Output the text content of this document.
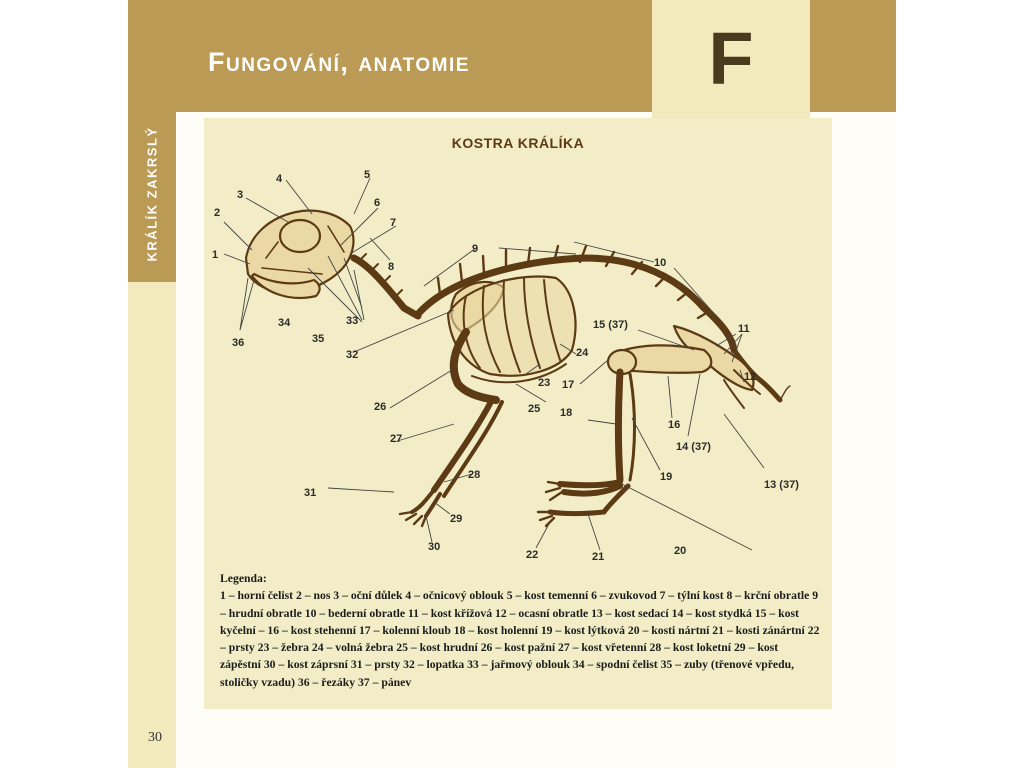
Fungování, anatomie	F
KRÁLÍK ZAKRSLÝ	KOSTRA KRÁLÍKA
1
2
3
4	5
6
7
8
9
10
11
12
13 (37)
14 (37)
15 (37)
16
17
18
19
20
21
22
23
24
25
26
27
28
29
30
31
32
33
34
35
36
Legenda:
1 – horní čelist 2 – nos 3 – oční důlek 4 – očnicový oblouk 5 – kost temenní 6 – zvukovod 7 – týlní kost 8 – krční obratle 9 – hrudní obratle 10 – bederní obratle 11 – kost křížová 12 – ocasní obratle 13 – kost sedací 14 – kost stydká 15 – kost kyčelní – 16 – kost stehenní 17 – kolenní kloub 18 – kost holenní 19 – kost lýtková 20 – kosti nártní 21 – kosti zánártní 22 – prsty 23 – žebra 24 – volná žebra 25 – kost hrudní 26 – kost pažní 27 – kost vřetenní 28 – kost loketní 29 – kost zápěstní 30 – kost záprsní 31 – prsty 32 – lopatka 33 – jařmový oblouk 34 – spodní čelist 35 – zuby (třenové vpředu, stoličky vzadu) 36 – řezáky 37 – pánev
30
